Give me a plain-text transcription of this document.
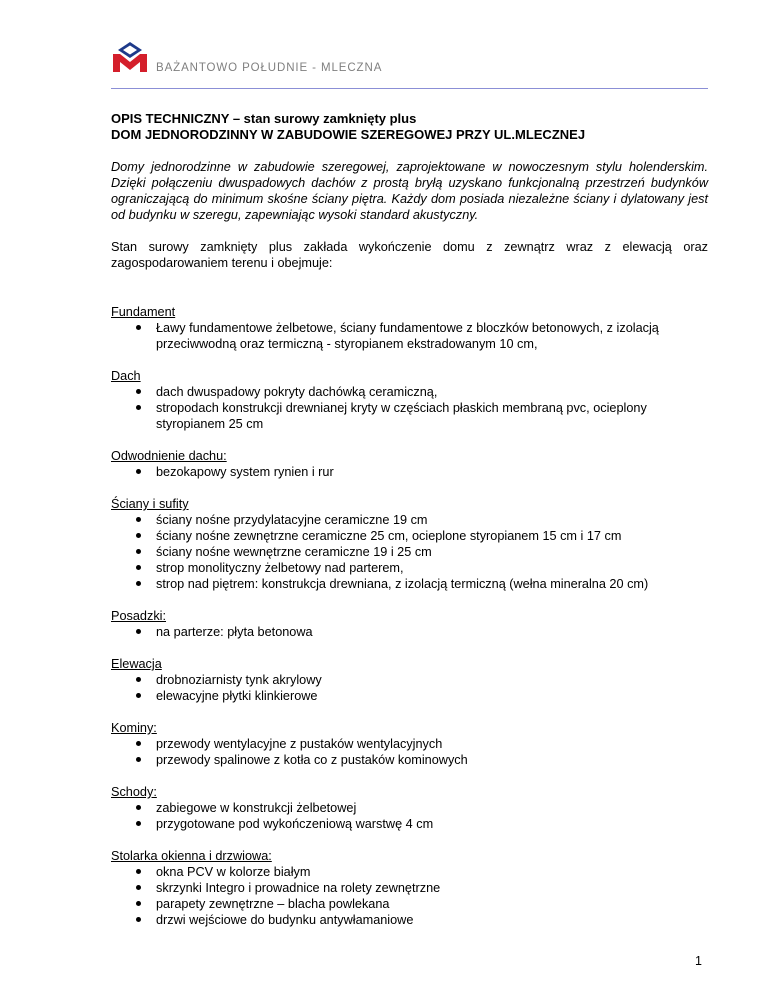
BAŻANTOWO POŁUDNIE - MLECZNA

OPIS TECHNICZNY – stan surowy zamknięty plus
DOM JEDNORODZINNY W ZABUDOWIE SZEREGOWEJ PRZY UL.MLECZNEJ

Domy jednorodzinne w zabudowie szeregowej, zaprojektowane w nowoczesnym stylu holenderskim. Dzięki połączeniu dwuspadowych dachów z prostą bryłą uzyskano funkcjonalną przestrzeń budynków ograniczającą do minimum skośne ściany piętra. Każdy dom posiada niezależne ściany i dylatowany jest od budynku w szeregu, zapewniając wysoki standard akustyczny.

Stan surowy zamknięty plus zakłada wykończenie domu z zewnątrz wraz z elewacją oraz zagospodarowaniem terenu i obejmuje:

Fundament
Ławy fundamentowe żelbetowe, ściany fundamentowe z bloczków betonowych, z izolacją przeciwwodną oraz termiczną - styropianem ekstradowanym 10 cm,
Dach
dach dwuspadowy pokryty dachówką ceramiczną,
stropodach konstrukcji drewnianej kryty w częściach płaskich membraną pvc, ocieplony styropianem 25 cm
Odwodnienie dachu:
bezokapowy system rynien i rur
Ściany i sufity
ściany nośne przydylatacyjne ceramiczne 19 cm
ściany nośne zewnętrzne ceramiczne 25 cm, ocieplone styropianem 15 cm i 17 cm
ściany nośne wewnętrzne ceramiczne 19 i 25 cm
strop monolityczny żelbetowy nad parterem,
strop nad piętrem: konstrukcja drewniana, z izolacją termiczną (wełna mineralna 20 cm)
Posadzki:
na parterze: płyta betonowa
Elewacja
drobnoziarnisty tynk akrylowy
elewacyjne płytki klinkierowe
Kominy:
przewody wentylacyjne z pustaków wentylacyjnych
przewody spalinowe z kotła co z pustaków kominowych
Schody:
zabiegowe w konstrukcji żelbetowej
przygotowane pod wykończeniową warstwę 4 cm
Stolarka okienna i drzwiowa:
okna PCV w kolorze białym
skrzynki Integro i prowadnice na rolety zewnętrzne
parapety zewnętrzne – blacha powlekana
drzwi wejściowe do budynku antywłamaniowe
1
